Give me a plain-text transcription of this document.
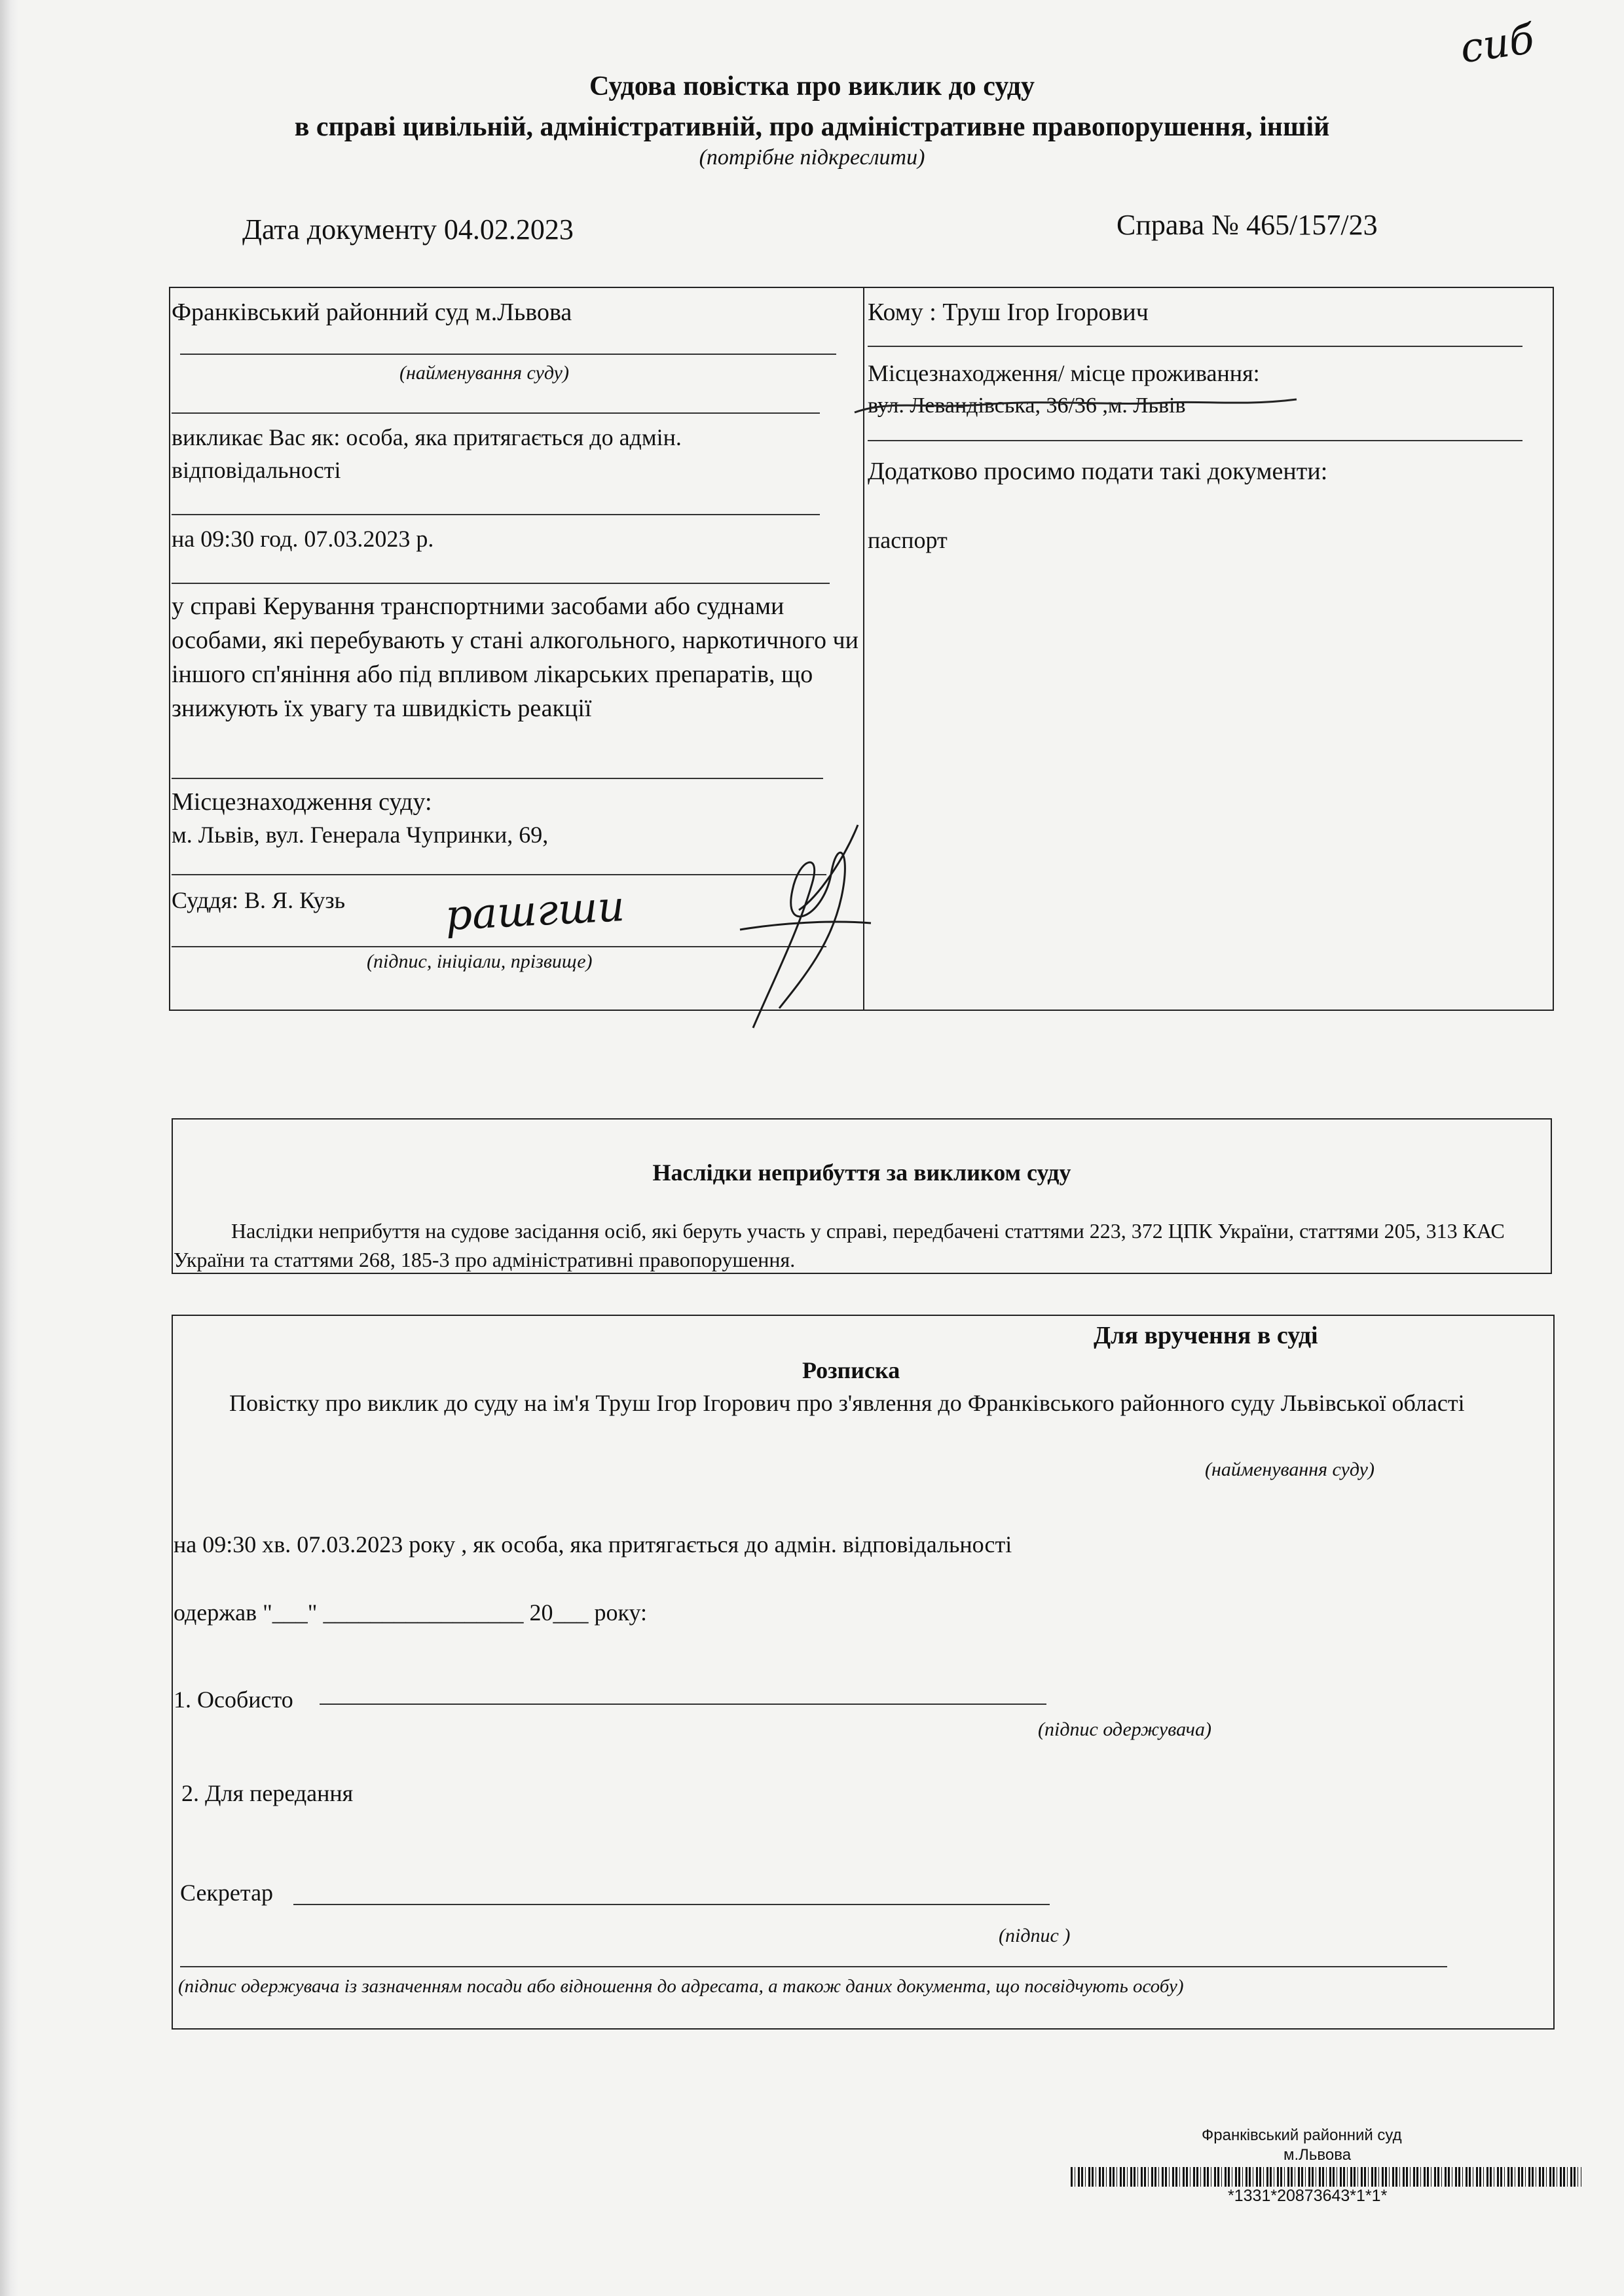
сиб
Судова повістка про виклик до суду
в справі цивільній, адміністративній, про адміністративне правопорушення, іншій
(потрібне підкреслити)
Дата документу 04.02.2023	Справа № 465/157/23
Франківський районний суд м.Львова
(найменування суду)
викликає Вас як: особа, яка притягається до адмін. відповідальності
на 09:30 год. 07.03.2023 р.
у справі Керування транспортними засобами або суднами особами, які перебувають у стані алкогольного, наркотичного чи іншого сп'яніння або під впливом лікарських препаратів, що знижують їх увагу та швидкість реакції
Місцезнаходження суду:
м. Львів, вул. Генерала Чупринки, 69,
Суддя: В. Я. Кузь рашгши
(підпис, ініціали, прізвище)
Кому : Труш Ігор Ігорович
Місцезнаходження/ місце проживання:
вул. Левандівська, 36/36 ,м. Львів
Додатково просимо подати такі документи:
паспорт
Наслідки неприбуття за викликом суду
Наслідки неприбуття на судове засідання осіб, які беруть участь у справі, передбачені статтями 223, 372 ЦПК України, статтями 205, 313 КАС України та статтями 268, 185-3 про адміністративні правопорушення.
Для вручення в суді
Розписка
Повістку про виклик до суду на ім'я Труш Ігор Ігорович про з'явлення до Франківського районного суду Львівської області
(найменування суду)
на 09:30 хв. 07.03.2023 року , як особа, яка притягається до адмін. відповідальності
одержав "___" _________________ 20___ року:
1. Особисто
(підпис одержувача)
2. Для передання
Секретар
(підпис )
(підпис одержувача із зазначенням посади або відношення до адресата, а також даних документа, що посвідчують особу)
Франківський районний суд
м.Львова
*1331*20873643*1*1*
